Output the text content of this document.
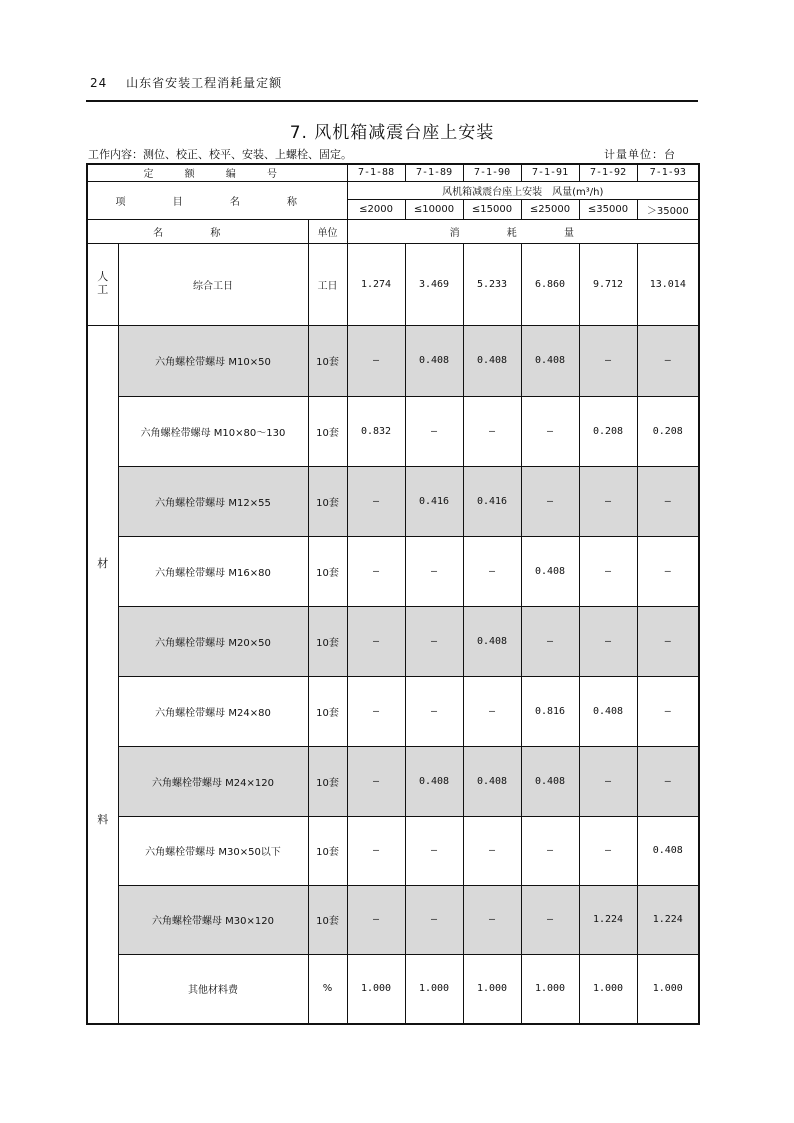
24 山东省安装工程消耗量定额
7. 风机箱减震台座上安装
工作内容：测位、校正、校平、安装、上螺栓、固定。	计量单位：台
定 额 编 号			7-1-88	7-1-89	7-1-90	7-1-91	7-1-92	7-1-93
项 目 名 称			风机箱减震台座上安装　风量(m³/h)					
			≤2000	≤10000	≤15000	≤25000	≤35000	＞35000
名 称		单位	消 耗 量					
人工	综合工日	工日	1.274	3.469	5.233	6.860	9.712	13.014

材
料	六角螺栓带螺母 M10×50	10套	—	0.408	0.408	0.408	—	—
	六角螺栓带螺母 M10×80～130	10套	0.832	—	—	—	0.208	0.208
	六角螺栓带螺母 M12×55	10套	—	0.416	0.416	—	—	—
	六角螺栓带螺母 M16×80	10套	—	—	—	0.408	—	—
	六角螺栓带螺母 M20×50	10套	—	—	0.408	—	—	—
	六角螺栓带螺母 M24×80	10套	—	—	—	0.816	0.408	—
	六角螺栓带螺母 M24×120	10套	—	0.408	0.408	0.408	—	—
	六角螺栓带螺母 M30×50以下	10套	—	—	—	—	—	0.408
	六角螺栓带螺母 M30×120	10套	—	—	—	—	1.224	1.224
	其他材料费	%	1.000	1.000	1.000	1.000	1.000	1.000
